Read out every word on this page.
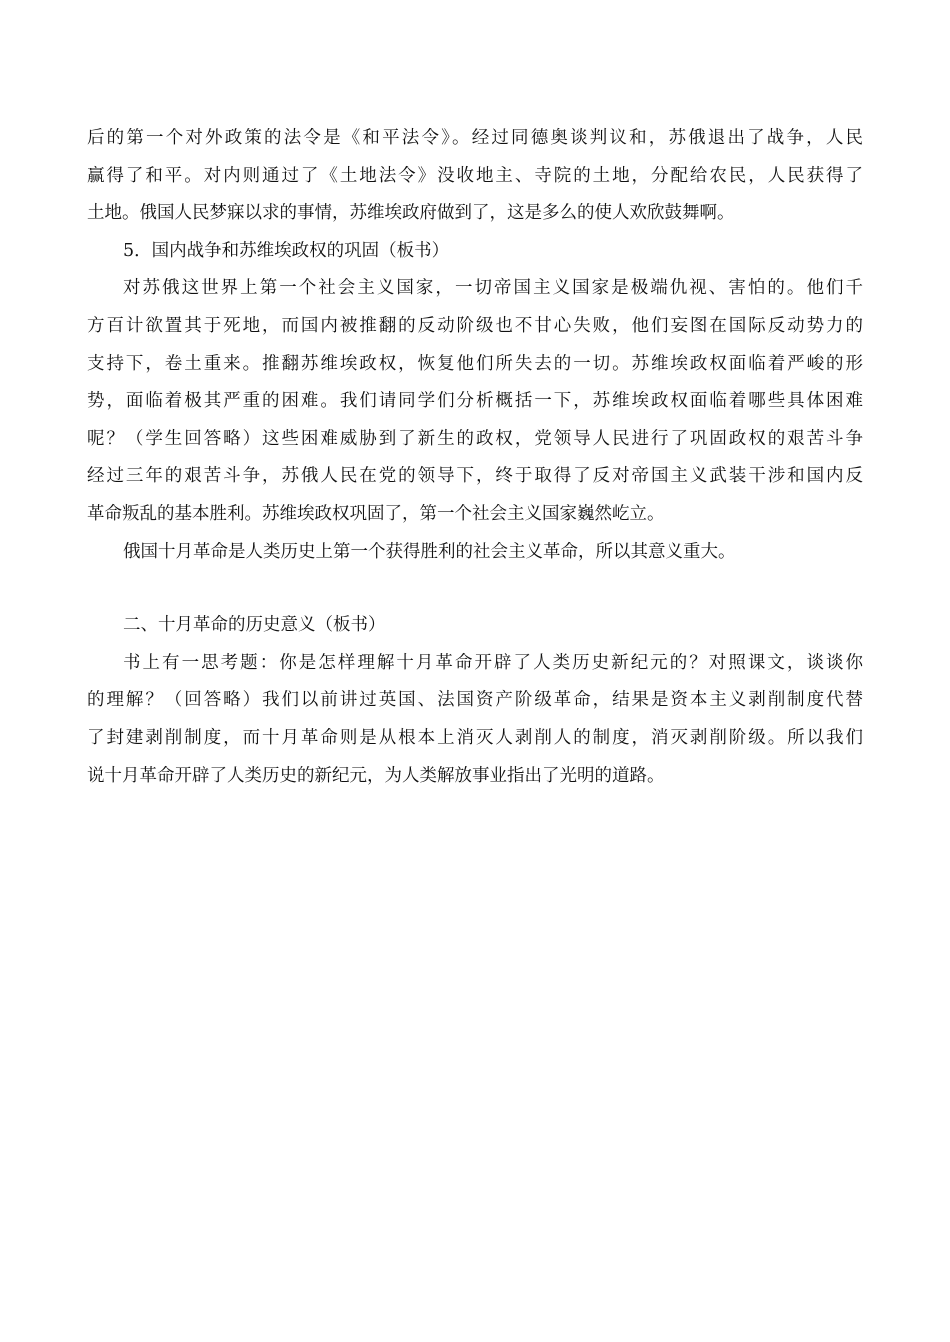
后的第一个对外政策的法令是《和平法令》。经过同德奥谈判议和，苏俄退出了战争，人民
赢得了和平。对内则通过了《土地法令》没收地主、寺院的土地，分配给农民，人民获得了
土地。俄国人民梦寐以求的事情，苏维埃政府做到了，这是多么的使人欢欣鼓舞啊。
5．国内战争和苏维埃政权的巩固（板书）
对苏俄这世界上第一个社会主义国家，一切帝国主义国家是极端仇视、害怕的。他们千
方百计欲置其于死地，而国内被推翻的反动阶级也不甘心失败，他们妄图在国际反动势力的
支持下，卷土重来。推翻苏维埃政权，恢复他们所失去的一切。苏维埃政权面临着严峻的形
势，面临着极其严重的困难。我们请同学们分析概括一下，苏维埃政权面临着哪些具体困难
呢？（学生回答略）这些困难威胁到了新生的政权，党领导人民进行了巩固政权的艰苦斗争
经过三年的艰苦斗争，苏俄人民在党的领导下，终于取得了反对帝国主义武装干涉和国内反
革命叛乱的基本胜利。苏维埃政权巩固了，第一个社会主义国家巍然屹立。
俄国十月革命是人类历史上第一个获得胜利的社会主义革命，所以其意义重大。
二、十月革命的历史意义（板书）
书上有一思考题：你是怎样理解十月革命开辟了人类历史新纪元的？对照课文，谈谈你
的理解？（回答略）我们以前讲过英国、法国资产阶级革命，结果是资本主义剥削制度代替
了封建剥削制度，而十月革命则是从根本上消灭人剥削人的制度，消灭剥削阶级。所以我们
说十月革命开辟了人类历史的新纪元，为人类解放事业指出了光明的道路。
